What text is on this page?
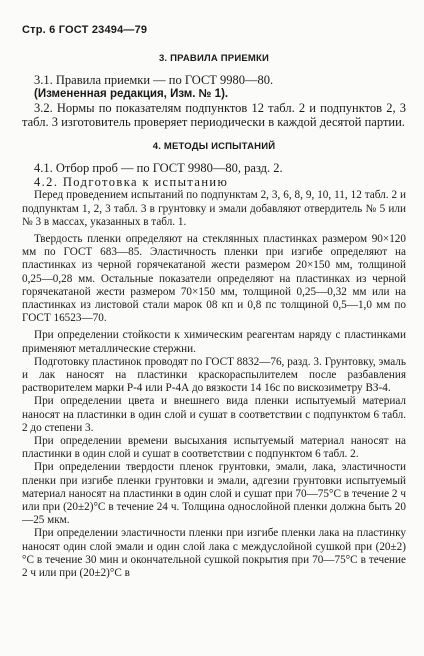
Стр. 6 ГОСТ 23494—79
3. ПРАВИЛА ПРИЕМКИ

3.1. Правила приемки — по ГОСТ 9980—80.

(Измененная редакция, Изм. № 1).

3.2. Нормы по показателям подпунктов 12 табл. 2 и подпунктов 2, 3 табл. 3 изготовитель проверяет периодически в каждой десятой партии.

4. МЕТОДЫ ИСПЫТАНИЙ

4.1. Отбор проб — по ГОСТ 9980—80, разд. 2.

4.2. Подготовка к испытанию

Перед проведением испытаний по подпунктам 2, 3, 6, 8, 9, 10, 11, 12 табл. 2 и подпунктам 1, 2, 3 табл. 3 в грунтовку и эмали добавляют отвердитель № 5 или № 3 в массах, указанных в табл. 1.

Твердость пленки определяют на стеклянных пластинках размером 90×120 мм по ГОСТ 683—85. Эластичность пленки при изгибе определяют на пластинках из черной горячекатаной жести размером 20×150 мм, толщиной 0,25—0,28 мм. Остальные показатели определяют на пластинках из черной горячекатаной жести размером 70×150 мм, толщиной 0,25—0,32 мм или на пластинках из листовой стали марок 08 кп и 0,8 пс толщиной 0,5—1,0 мм по ГОСТ 16523—70.

При определении стойкости к химическим реагентам наряду с пластинками применяют металлические стержни.

Подготовку пластинок проводят по ГОСТ 8832—76, разд. 3. Грунтовку, эмаль и лак наносят на пластинки краскораспылителем после разбавления растворителем марки Р-4 или Р-4А до вязкости 14 16с по вискозиметру ВЗ-4.

При определении цвета и внешнего вида пленки испытуемый материал наносят на пластинки в один слой и сушат в соответствии с подпунктом 6 табл. 2 до степени 3.

При определении времени высыхания испытуемый материал наносят на пластинки в один слой и сушат в соответствии с подпунктом 6 табл. 2.

При определении твердости пленок грунтовки, эмали, лака, эластичности пленки при изгибе пленки грунтовки и эмали, адгезии грунтовки испытуемый материал наносят на пластинки в один слой и сушат при 70—75°С в течение 2 ч или при (20±2)°С в течение 24 ч. Толщина однослойной пленки должна быть 20—25 мкм.

При определении эластичности пленки при изгибе пленки лака на пластинку наносят один слой эмали и один слой лака с междуслойной сушкой при (20±2)°С в течение 30 мин и окончательной сушкой покрытия при 70—75°С в течение 2 ч или при (20±2)°С в
